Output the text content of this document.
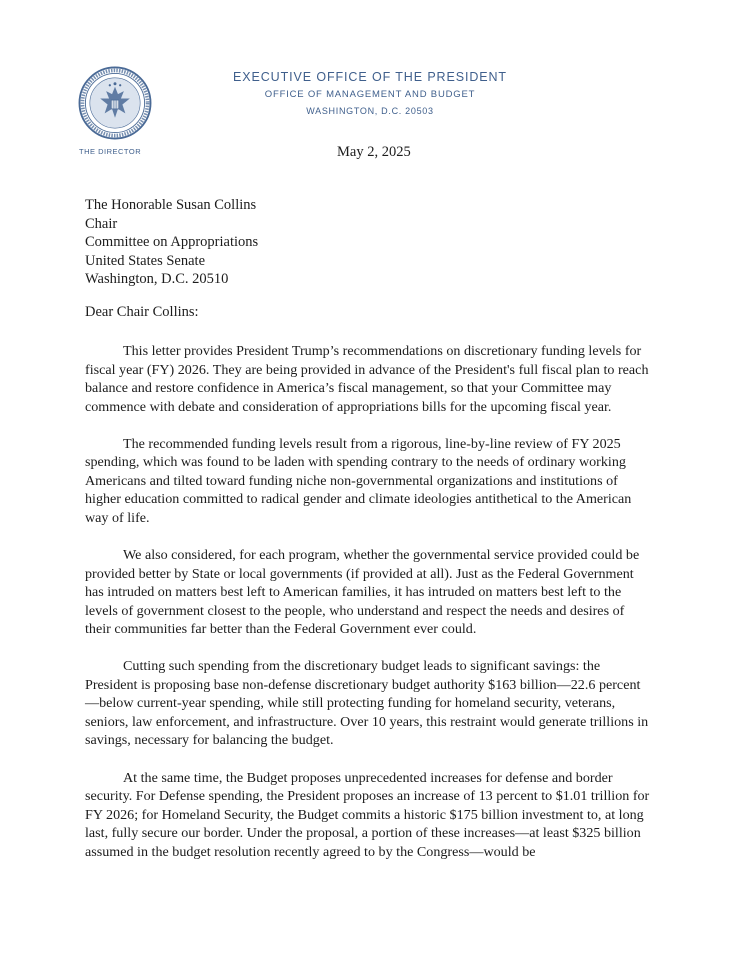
EXECUTIVE OFFICE OF THE PRESIDENT
OFFICE OF MANAGEMENT AND BUDGET
WASHINGTON, D.C. 20503
THE DIRECTOR	May 2, 2025
The Honorable Susan Collins
Chair
Committee on Appropriations
United States Senate
Washington, D.C. 20510
Dear Chair Collins:

This letter provides President Trump’s recommendations on discretionary funding levels for fiscal year (FY) 2026. They are being provided in advance of the President's full fiscal plan to reach balance and restore confidence in America’s fiscal management, so that your Committee may commence with debate and consideration of appropriations bills for the upcoming fiscal year.

The recommended funding levels result from a rigorous, line-by-line review of FY 2025 spending, which was found to be laden with spending contrary to the needs of ordinary working Americans and tilted toward funding niche non-governmental organizations and institutions of higher education committed to radical gender and climate ideologies antithetical to the American way of life.

We also considered, for each program, whether the governmental service provided could be provided better by State or local governments (if provided at all). Just as the Federal Government has intruded on matters best left to American families, it has intruded on matters best left to the levels of government closest to the people, who understand and respect the needs and desires of their communities far better than the Federal Government ever could.

Cutting such spending from the discretionary budget leads to significant savings: the President is proposing base non-defense discretionary budget authority $163 billion—22.6 percent—below current-year spending, while still protecting funding for homeland security, veterans, seniors, law enforcement, and infrastructure. Over 10 years, this restraint would generate trillions in savings, necessary for balancing the budget.

At the same time, the Budget proposes unprecedented increases for defense and border security. For Defense spending, the President proposes an increase of 13 percent to $1.01 trillion for FY 2026; for Homeland Security, the Budget commits a historic $175 billion investment to, at long last, fully secure our border. Under the proposal, a portion of these increases—at least $325 billion assumed in the budget resolution recently agreed to by the Congress—would be
